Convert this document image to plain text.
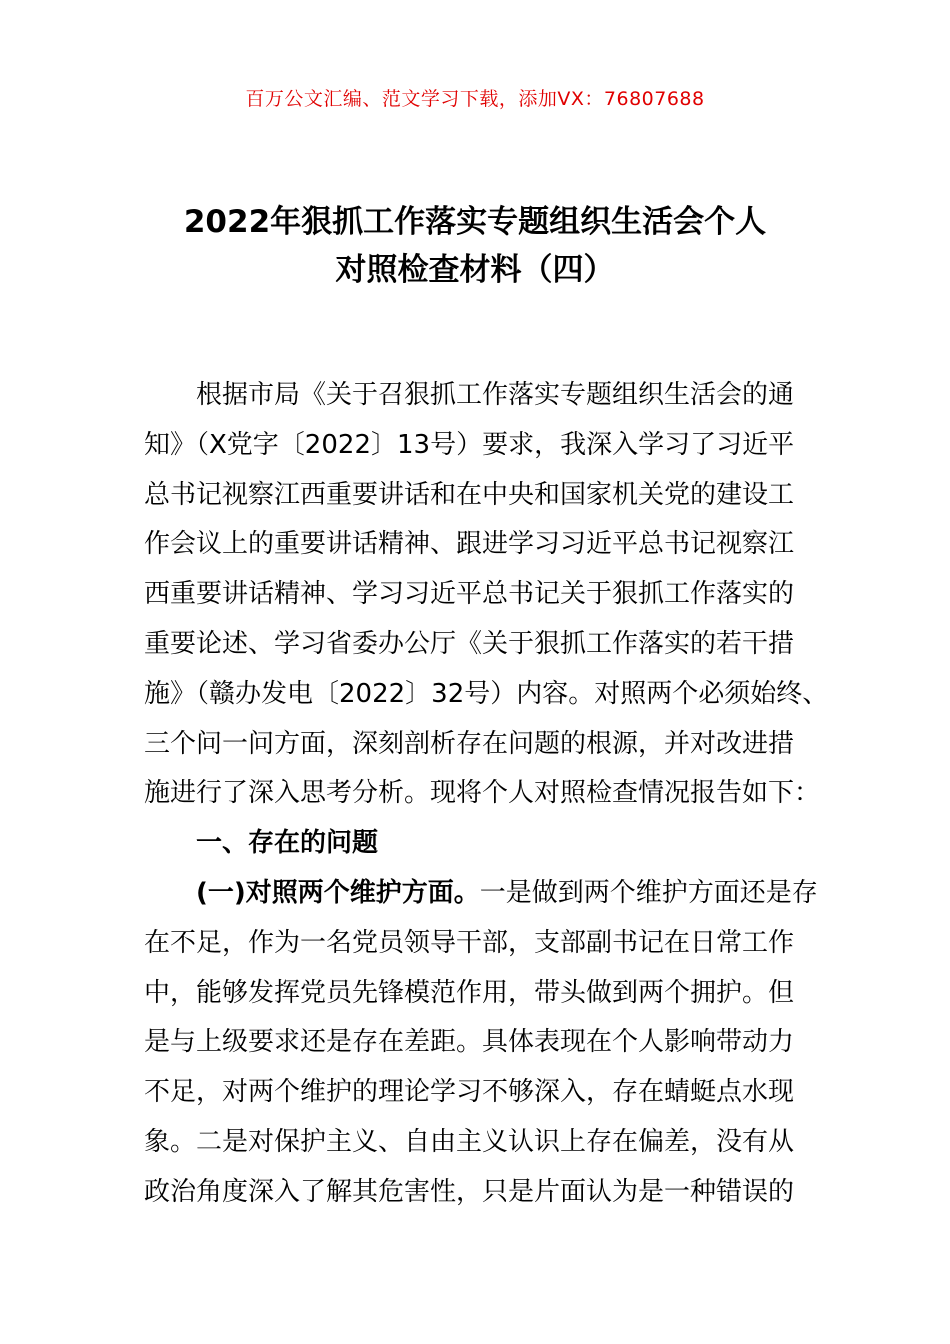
百万公文汇编、范文学习下载，添加VX：76807688
2022年狠抓工作落实专题组织生活会个人
对照检查材料（四）
根据市局《关于召狠抓工作落实专题组织生活会的通
知》（X党字〔2022〕13号）要求，我深入学习了习近平
总书记视察江西重要讲话和在中央和国家机关党的建设工
作会议上的重要讲话精神、跟进学习习近平总书记视察江
西重要讲话精神、学习习近平总书记关于狠抓工作落实的
重要论述、学习省委办公厅《关于狠抓工作落实的若干措
施》（赣办发电〔2022〕32号）内容。对照两个必须始终、
三个问一问方面，深刻剖析存在问题的根源，并对改进措
施进行了深入思考分析。现将个人对照检查情况报告如下：
一、存在的问题
(一)对照两个维护方面。一是做到两个维护方面还是存
在不足，作为一名党员领导干部，支部副书记在日常工作
中，能够发挥党员先锋模范作用，带头做到两个拥护。但
是与上级要求还是存在差距。具体表现在个人影响带动力
不足，对两个维护的理论学习不够深入，存在蜻蜓点水现
象。二是对保护主义、自由主义认识上存在偏差，没有从
政治角度深入了解其危害性，只是片面认为是一种错误的
